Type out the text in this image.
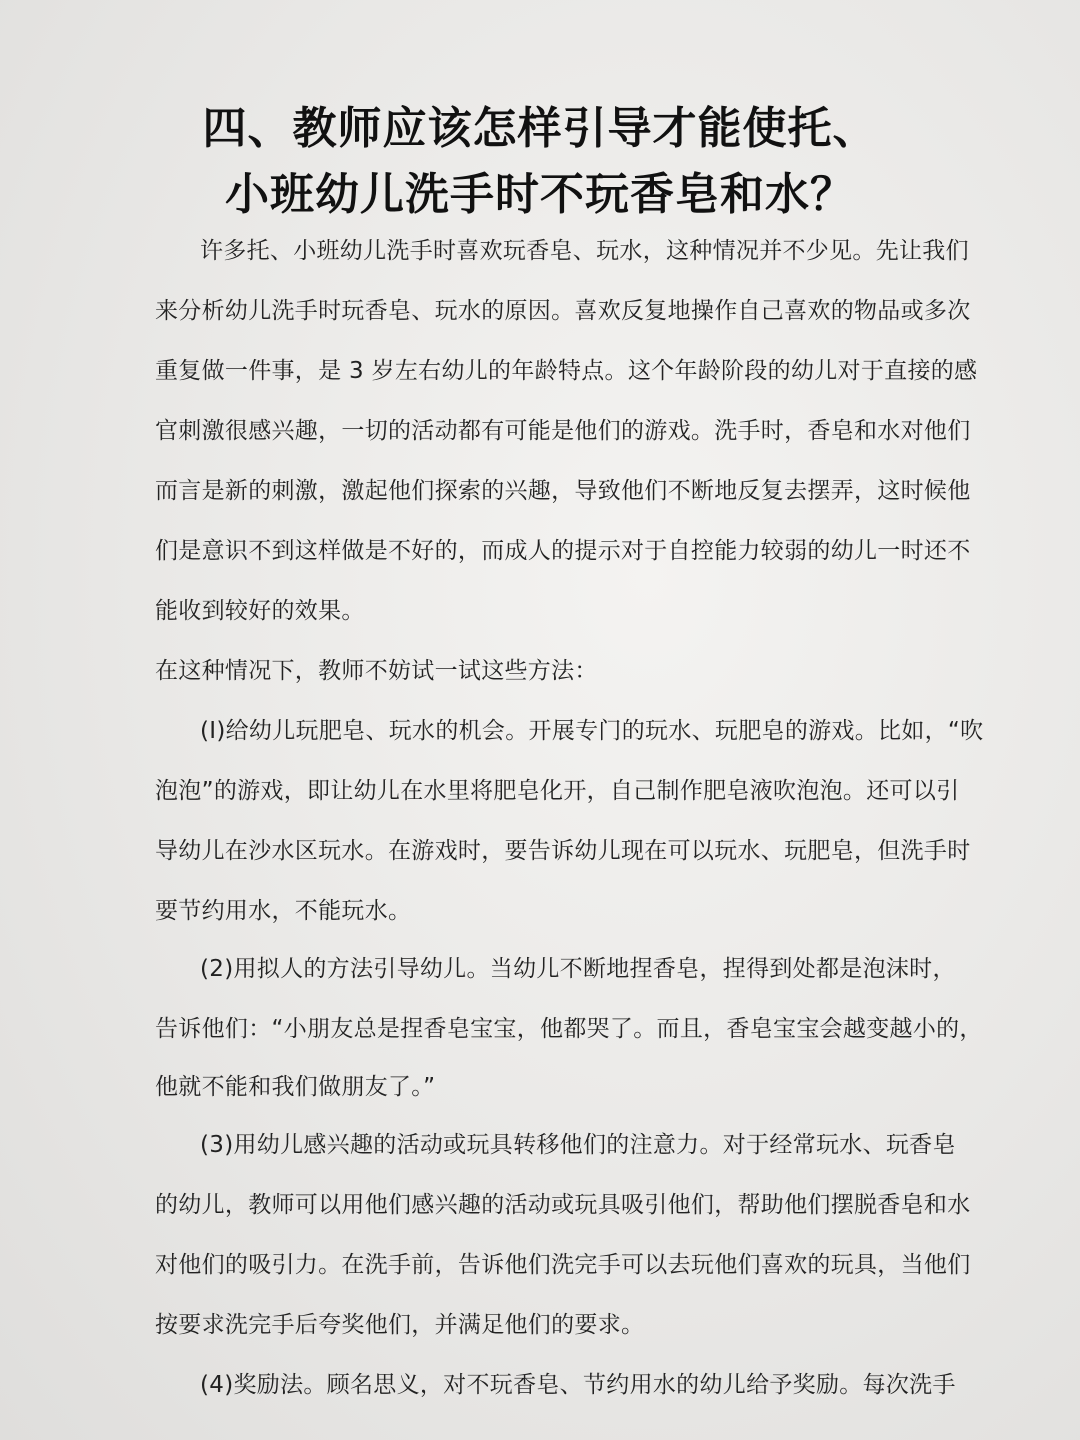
四、教师应该怎样引导才能使托、
小班幼儿洗手时不玩香皂和水？
许多托、小班幼儿洗手时喜欢玩香皂、玩水，这种情况并不少见。先让我们
来分析幼儿洗手时玩香皂、玩水的原因。喜欢反复地操作自己喜欢的物品或多次
重复做一件事，是 3 岁左右幼儿的年龄特点。这个年龄阶段的幼儿对于直接的感
官刺激很感兴趣，一切的活动都有可能是他们的游戏。洗手时，香皂和水对他们
而言是新的刺激，激起他们探索的兴趣，导致他们不断地反复去摆弄，这时候他
们是意识不到这样做是不好的，而成人的提示对于自控能力较弱的幼儿一时还不
能收到较好的效果。
在这种情况下，教师不妨试一试这些方法：
(I)给幼儿玩肥皂、玩水的机会。开展专门的玩水、玩肥皂的游戏。比如，“吹
泡泡”的游戏，即让幼儿在水里将肥皂化开，自己制作肥皂液吹泡泡。还可以引
导幼儿在沙水区玩水。在游戏时，要告诉幼儿现在可以玩水、玩肥皂，但洗手时
要节约用水，不能玩水。
(2)用拟人的方法引导幼儿。当幼儿不断地捏香皂，捏得到处都是泡沫时，
告诉他们：“小朋友总是捏香皂宝宝，他都哭了。而且，香皂宝宝会越变越小的，
他就不能和我们做朋友了。”
(3)用幼儿感兴趣的活动或玩具转移他们的注意力。对于经常玩水、玩香皂
的幼儿，教师可以用他们感兴趣的活动或玩具吸引他们，帮助他们摆脱香皂和水
对他们的吸引力。在洗手前，告诉他们洗完手可以去玩他们喜欢的玩具，当他们
按要求洗完手后夸奖他们，并满足他们的要求。
(4)奖励法。顾名思义，对不玩香皂、节约用水的幼儿给予奖励。每次洗手
